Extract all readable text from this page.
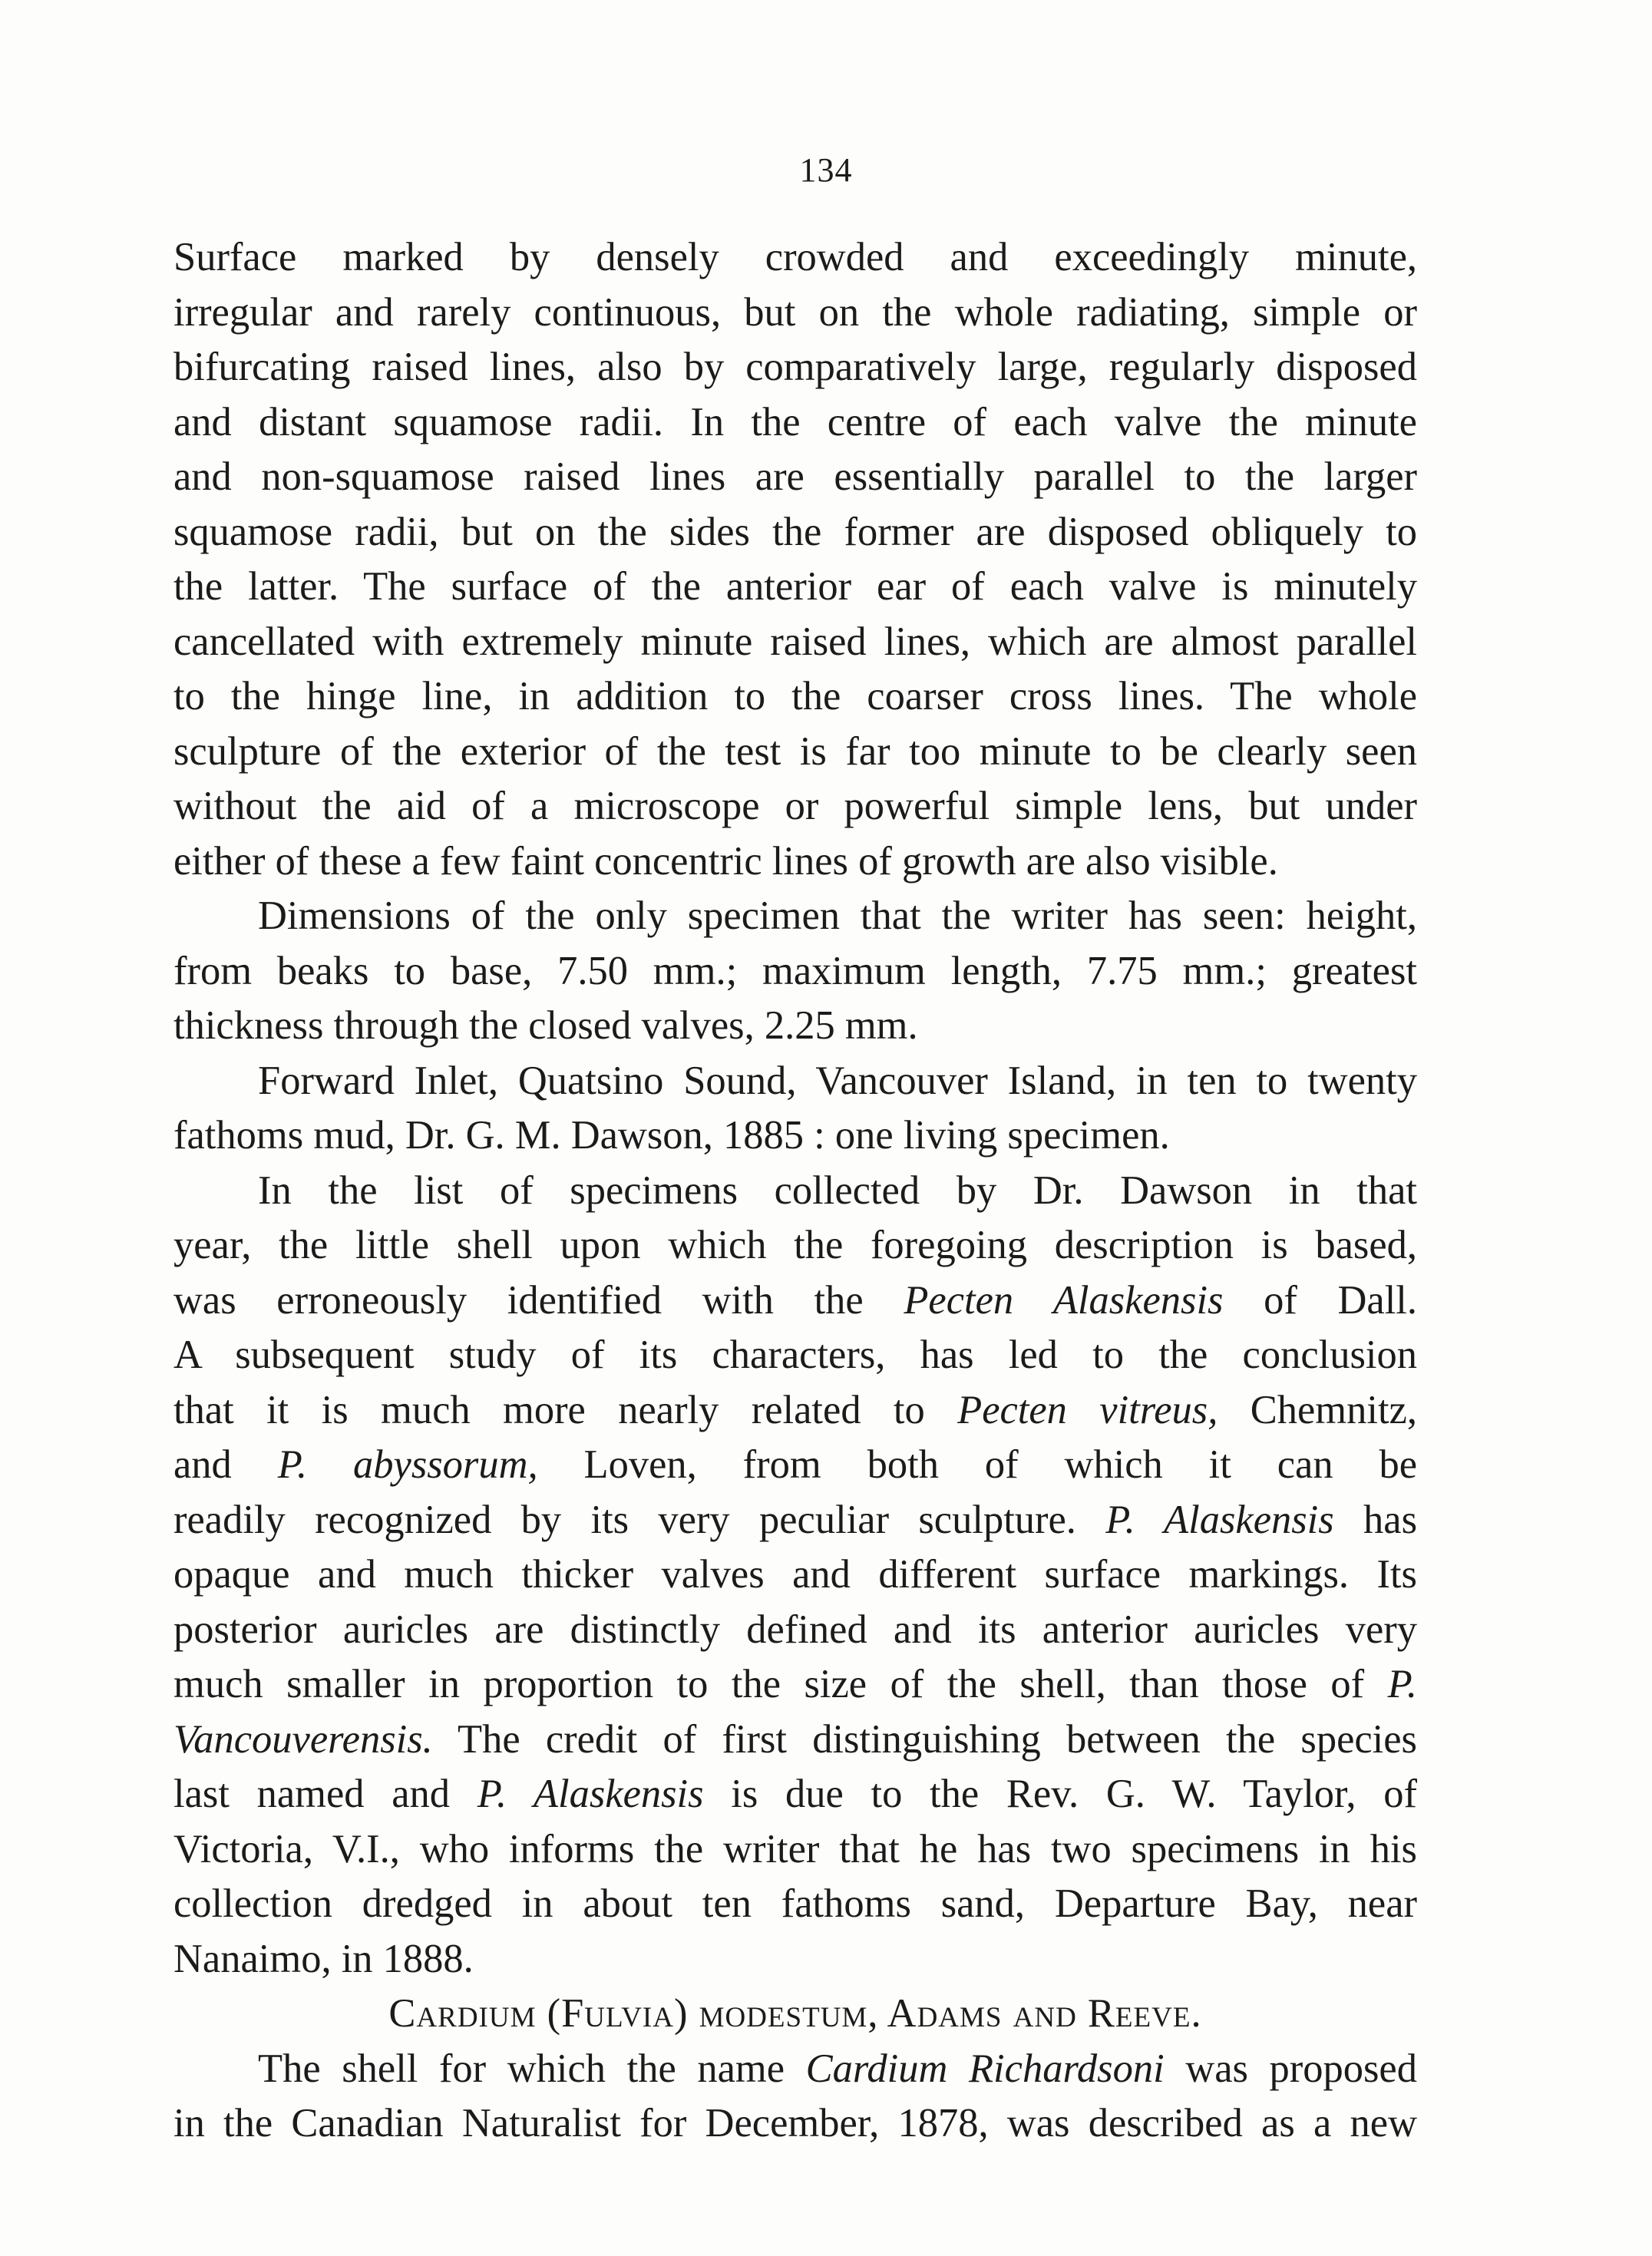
134
Surface marked by densely crowded and exceedingly minute,
irregular and rarely continuous, but on the whole radiating, simple or
bifurcating raised lines, also by comparatively large, regularly disposed
and distant squamose radii. In the centre of each valve the minute
and non-squamose raised lines are essentially parallel to the larger
squamose radii, but on the sides the former are disposed obliquely to
the latter. The surface of the anterior ear of each valve is minutely
cancellated with extremely minute raised lines, which are almost parallel
to the hinge line, in addition to the coarser cross lines. The whole
sculpture of the exterior of the test is far too minute to be clearly seen
without the aid of a microscope or powerful simple lens, but under
either of these a few faint concentric lines of growth are also visible.
Dimensions of the only specimen that the writer has seen: height,
from beaks to base, 7.50 mm.; maximum length, 7.75 mm.; greatest
thickness through the closed valves, 2.25 mm.
Forward Inlet, Quatsino Sound, Vancouver Island, in ten to twenty
fathoms mud, Dr. G. M. Dawson, 1885 : one living specimen.
In the list of specimens collected by Dr. Dawson in that
year, the little shell upon which the foregoing description is based,
was erroneously identified with the Pecten Alaskensis of Dall.
A subsequent study of its characters, has led to the conclusion
that it is much more nearly related to Pecten vitreus, Chemnitz,
and P. abyssorum, Loven, from both of which it can be
readily recognized by its very peculiar sculpture. P. Alaskensis has
opaque and much thicker valves and different surface markings. Its
posterior auricles are distinctly defined and its anterior auricles very
much smaller in proportion to the size of the shell, than those of P.
Vancouverensis. The credit of first distinguishing between the species
last named and P. Alaskensis is due to the Rev. G. W. Taylor, of
Victoria, V.I., who informs the writer that he has two specimens in his
collection dredged in about ten fathoms sand, Departure Bay, near
Nanaimo, in 1888.
Cardium (Fulvia) modestum, Adams and Reeve.
The shell for which the name Cardium Richardsoni was proposed
in the Canadian Naturalist for December, 1878, was described as a new
